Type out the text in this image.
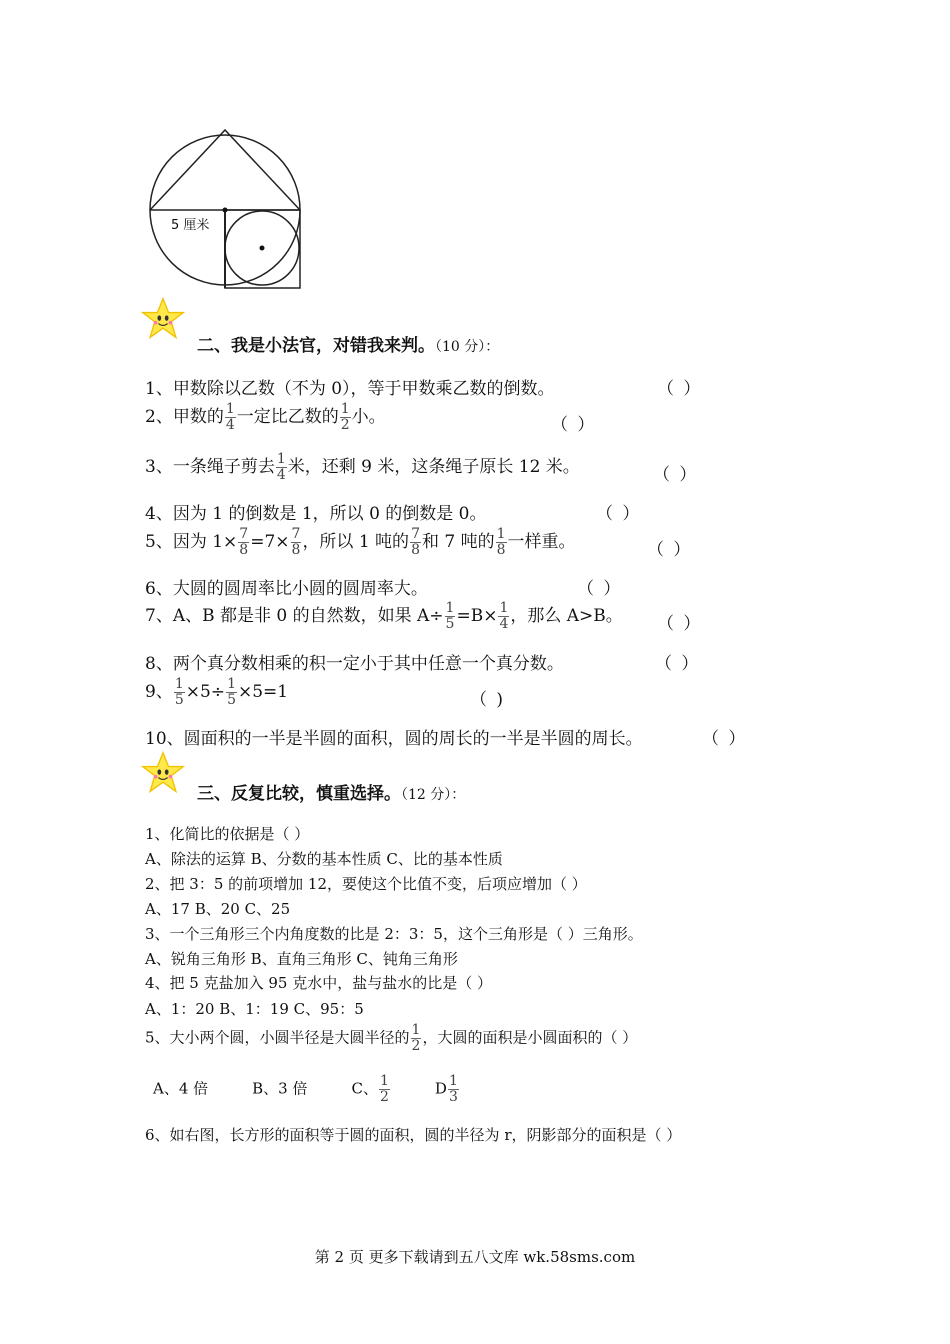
5 厘米
二、我是小法官，对错我来判。（10 分）：
1、甲数除以乙数（不为 0），等于甲数乘乙数的倒数。	（ ）
2、甲数的 $\frac{1}{4}$ 一定比乙数的 $\frac{1}{2}$ 小。	（ ）
3、一条绳子剪去 $\frac{1}{4}$ 米，还剩 9 米，这条绳子原长 12 米。	（ ）
4、因为 1 的倒数是 1，所以 0 的倒数是 0。	（ ）
5、因为 $1\times \frac{7}{8} =7\times \frac{7}{8}$ ，所以 1 吨的 $\frac{7}{8}$ 和 7 吨的 $\frac{1}{8}$ 一样重。	（ ）
6、大圆的圆周率比小圆的圆周率大。	（ ）
7、A、B 都是非 0 的自然数，如果 $A\div \frac{1}{5} =B\times \frac{1}{4}$ ，那么 A>B。 （ ）
8、两个真分数相乘的积一定小于其中任意一个真分数。	（ ）
9、 $\frac{1}{5} \times 5\div \frac{1}{5} \times 5=1$	（ )
10、圆面积的一半是半圆的面积，圆的周长的一半是半圆的周长。	（ ）
三、反复比较，慎重选择。（12 分）：
1、化简比的依据是（ ）
A、除法的运算 B、分数的基本性质 C、比的基本性质
2、把 3：5 的前项增加 12，要使这个比值不变，后项应增加（ ）
A、17 B、20 C、25
3、一个三角形三个内角度数的比是 2：3：5，这个三角形是（ ）三角形。
A、锐角三角形 B、直角三角形 C、钝角三角形
4、把 5 克盐加入 95 克水中，盐与盐水的比是（ ）
A、1：20 B、1：19 C、95：5
5、大小两个圆，小圆半径是大圆半径的 $\frac{1}{2}$ ，大圆的面积是小圆面积的（ ）
A、4 倍	B、3 倍	C、 $\frac{1}{2}$	D $\frac{1}{3}$
6、如右图，长方形的面积等于圆的面积，圆的半径为 r，阴影部分的面积是（ ）
第 2 页 更多下载请到五八文库 wk.58sms.com
